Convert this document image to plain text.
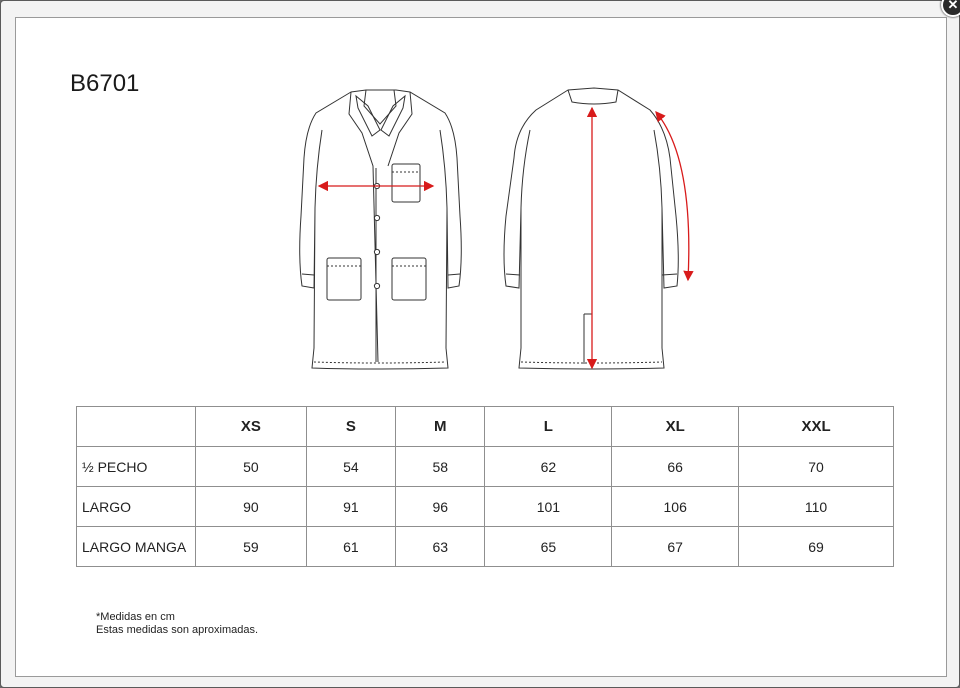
✕
B6701
	XS	S	M	L	XL	XXL
½ PECHO	50	54	58	62	66	70
LARGO	90	91	96	101	106	110
LARGO MANGA	59	61	63	65	67	69
*Medidas en cm
Estas medidas son aproximadas.
